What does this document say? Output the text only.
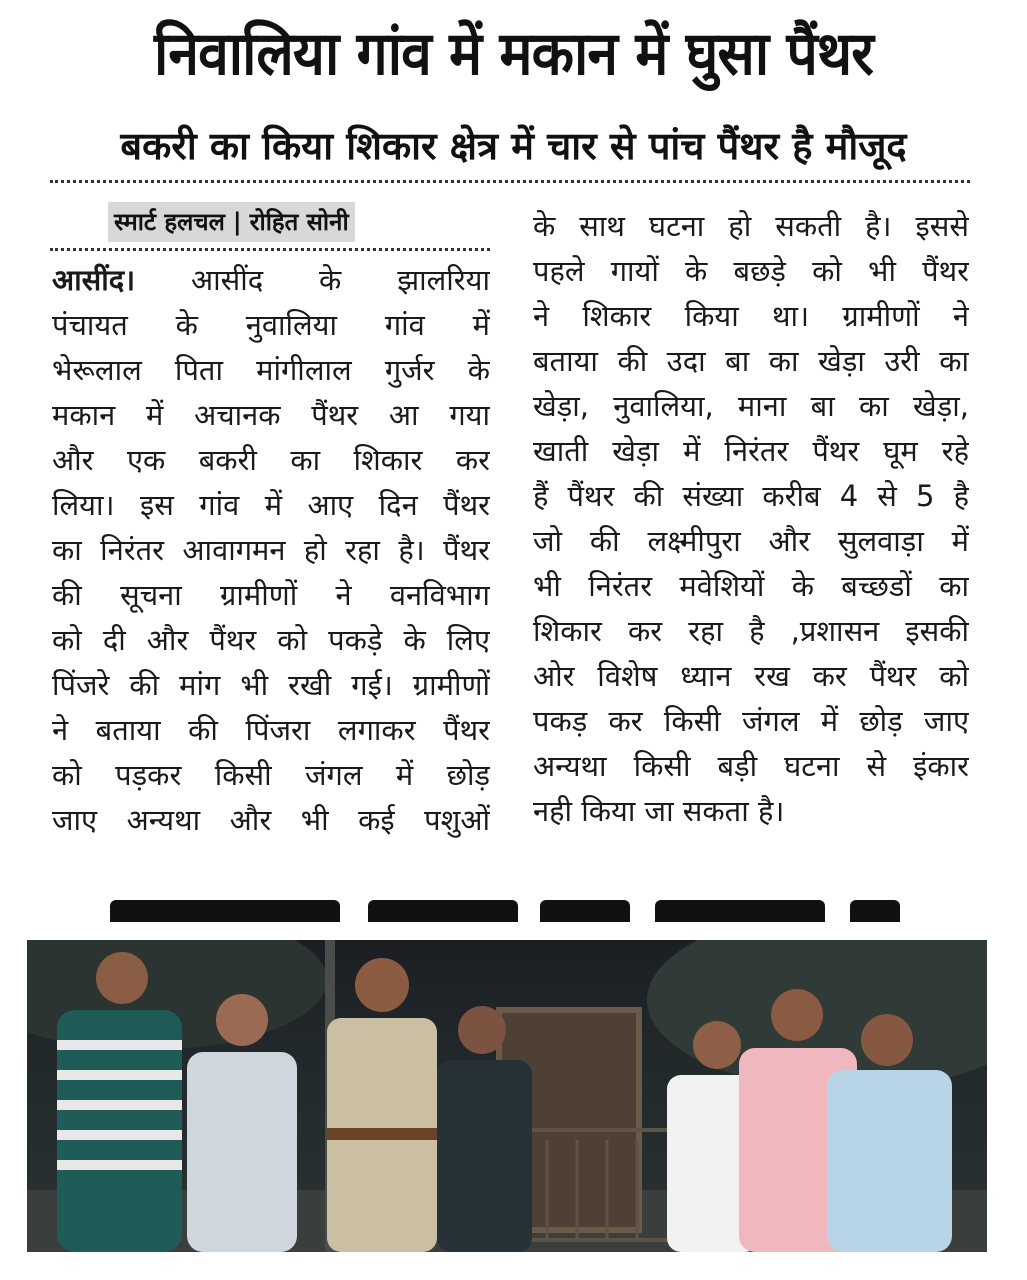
निवालिया गांव में मकान में घुसा पैंथर
बकरी का किया शिकार क्षेत्र में चार से पांच पैंथर है मौजूद
स्मार्ट हलचल | रोहित सोनी
आसींद। आसींद के झालरिया
पंचायत के नुवालिया गांव में
भेरूलाल पिता मांगीलाल गुर्जर के
मकान में अचानक पैंथर आ गया
और एक बकरी का शिकार कर
लिया। इस गांव में आए दिन पैंथर
का निरंतर आवागमन हो रहा है। पैंथर
की सूचना ग्रामीणों ने वनविभाग
को दी और पैंथर को पकड़े के लिए
पिंजरे की मांग भी रखी गई। ग्रामीणों
ने बताया की पिंजरा लगाकर पैंथर
को पड़कर किसी जंगल में छोड़
जाए अन्यथा और भी कई पशुओं
के साथ घटना हो सकती है। इससे
पहले गायों के बछड़े को भी पैंथर
ने शिकार किया था। ग्रामीणों ने
बताया की उदा बा का खेड़ा उरी का
खेड़ा, नुवालिया, माना बा का खेड़ा,
खाती खेड़ा में निरंतर पैंथर घूम रहे
हैं पैंथर की संख्या करीब 4 से 5 है
जो की लक्ष्मीपुरा और सुलवाड़ा में
भी निरंतर मवेशियों के बच्छडों का
शिकार कर रहा है ,प्रशासन इसकी
ओर विशेष ध्यान रख कर पैंथर को
पकड़ कर किसी जंगल में छोड़ जाए
अन्यथा किसी बड़ी घटना से इंकार
नही किया जा सकता है।
